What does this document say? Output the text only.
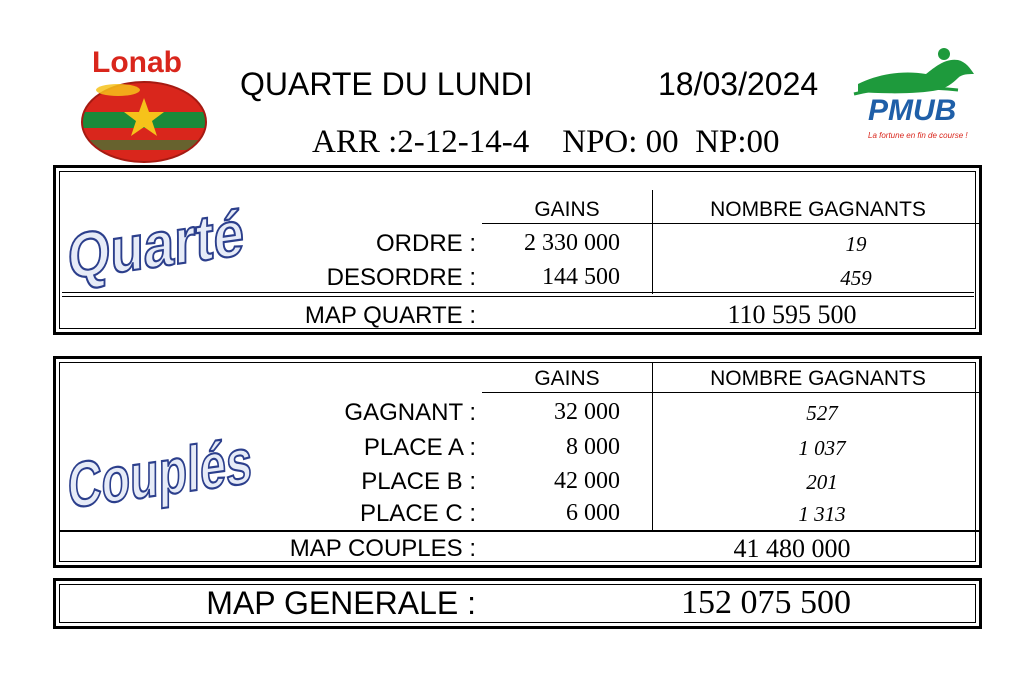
Lonab
PMUB
La fortune en fin de course !
QUARTE DU LUNDI	18/03/2024
ARR :2-12-14-4 NPO: 00 NP:00
GAINS	NOMBRE GAGNANTS
Quarté	ORDRE :	2 330 000	19
DESORDRE :	144 500	459
MAP QUARTE :	110 595 500
GAINS	NOMBRE GAGNANTS
Couplés
GAGNANT :	32 000	527
PLACE A :	8 000	1 037
PLACE B :	42 000	201
PLACE C :	6 000	1 313
MAP COUPLES :	41 480 000
MAP GENERALE :	152 075 500
